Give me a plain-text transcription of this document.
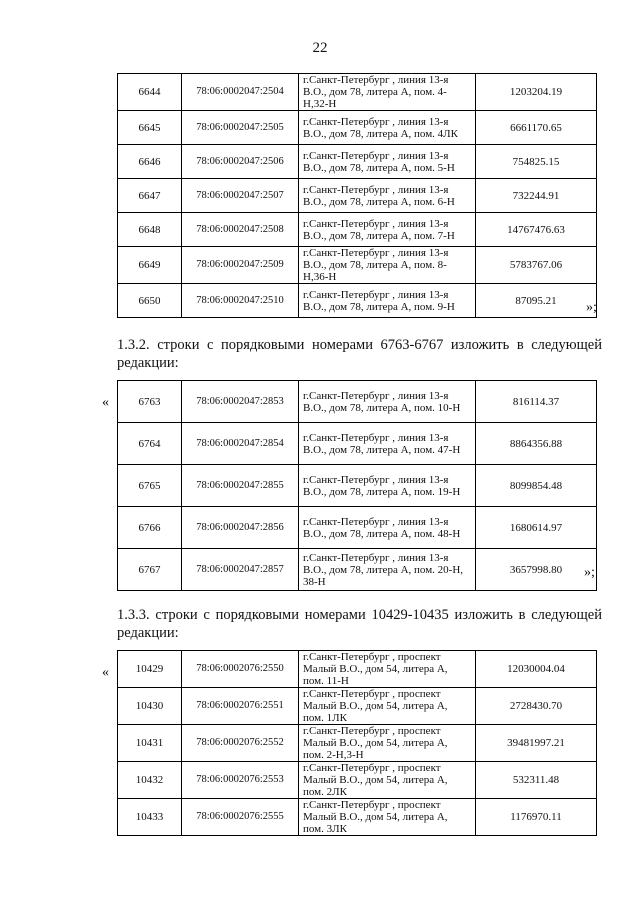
22
6644	78:06:0002047:2504	г.Санкт-Петербург , линия 13-я В.О., дом 78, литера А, пом. 4-Н,32-Н	1203204.19
6645	78:06:0002047:2505	г.Санкт-Петербург , линия 13-я В.О., дом 78, литера А, пом. 4ЛК	6661170.65
6646	78:06:0002047:2506	г.Санкт-Петербург , линия 13-я В.О., дом 78, литера А, пом. 5-Н	754825.15
6647	78:06:0002047:2507	г.Санкт-Петербург , линия 13-я В.О., дом 78, литера А, пом. 6-Н	732244.91
6648	78:06:0002047:2508	г.Санкт-Петербург , линия 13-я В.О., дом 78, литера А, пом. 7-Н	14767476.63
6649	78:06:0002047:2509	г.Санкт-Петербург , линия 13-я В.О., дом 78, литера А, пом. 8-Н,36-Н	5783767.06
6650	78:06:0002047:2510	г.Санкт-Петербург , линия 13-я В.О., дом 78, литера А, пом. 9-Н	87095.21 »;
1.3.2. строки с порядковыми номерами 6763-6767 изложить в следующей
редакции:
«	6763	78:06:0002047:2853	г.Санкт-Петербург , линия 13-я В.О., дом 78, литера А, пом. 10-Н	816114.37
6764	78:06:0002047:2854	г.Санкт-Петербург , линия 13-я В.О., дом 78, литера А, пом. 47-Н	8864356.88
6765	78:06:0002047:2855	г.Санкт-Петербург , линия 13-я В.О., дом 78, литера А, пом. 19-Н	8099854.48
6766	78:06:0002047:2856	г.Санкт-Петербург , линия 13-я В.О., дом 78, литера А, пом. 48-Н	1680614.97
6767	78:06:0002047:2857	г.Санкт-Петербург , линия 13-я В.О., дом 78, литера А, пом. 20-Н, 38-Н	3657998.80 »;
1.3.3. строки с порядковыми номерами 10429-10435 изложить в следующей
редакции:
« 10429	78:06:0002076:2550	г.Санкт-Петербург , проспект Малый В.О., дом 54, литера А, пом. 11-Н	12030004.04
10430	78:06:0002076:2551	г.Санкт-Петербург , проспект Малый В.О., дом 54, литера А, пом. 1ЛК	2728430.70
10431	78:06:0002076:2552	г.Санкт-Петербург , проспект Малый В.О., дом 54, литера А, пом. 2-Н,3-Н	39481997.21
10432	78:06:0002076:2553	г.Санкт-Петербург , проспект Малый В.О., дом 54, литера А, пом. 2ЛК	532311.48
10433	78:06:0002076:2555	г.Санкт-Петербург , проспект Малый В.О., дом 54, литера А, пом. 3ЛК	1176970.11
